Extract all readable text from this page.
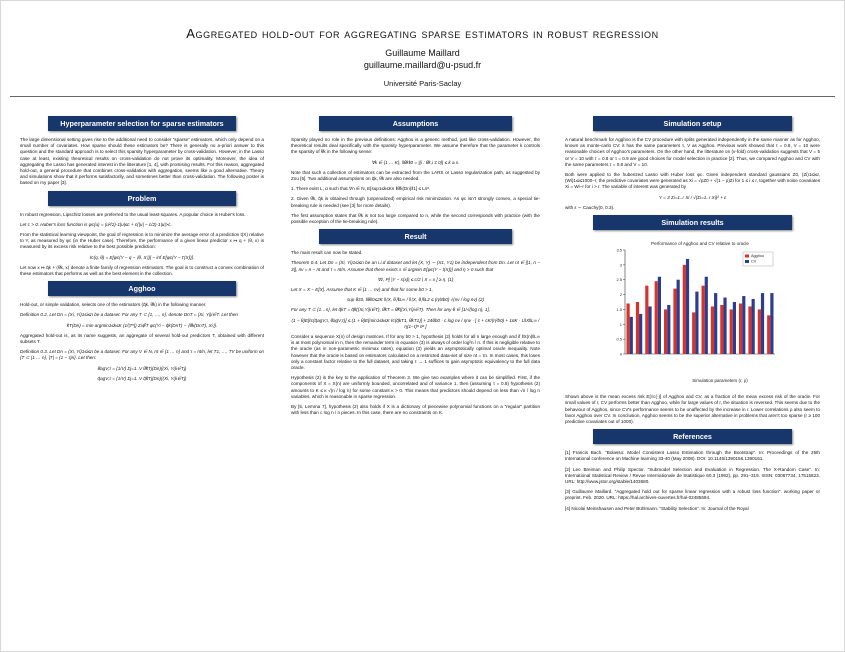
Aggregated hold-out for aggregating sparse estimators in robust regression
Guillaume Maillard
guillaume.maillard@u-psud.fr
Université Paris-Saclay
Hyperparameter selection for sparse estimators

The large dimensional setting gives rise to the additional need to consider “sparse” estimators, which only depend on a small number of covariates. How sparse should these estimators be? There is generally no a-priori answer to this question and the standard approach is to select this sparsity hyperparameter by cross-validation. However, in the Lasso case at least, existing theoretical results on cross-validation do not prove its optimality. Moreover, the idea of aggregating the Lasso has generated interest in the litterature [1, 4], with promising results. For this reason, aggregated hold-out, a general procedure that combines cross-validation with aggregation, seems like a good alternative. Theory and simulations show that it performs satisfactorily, and sometimes better than cross-validation. The following poster is based on my paper [3].

Problem

In robust regression, Lipschitz losses are preferred to the usual least-squares. A popular choice is Huber's loss.

Let c > 0. Huber's loss function is φc(u) = (u²/2)·1|u|≤c + c(|u| − c/2)·1|u|>c.

From the statistical learning viewpoint, the goal of regression is to minimize the average error of a prediction t(X) relative to Y, as measured by φc (in the Huber case). Therefore, the performance of a given linear predictor x ↦ q + ⟨θ, x⟩ is measured by its excess risk relative to the best possible prediction:

ℓc(q, θ) = E[φc(Y − q − ⟨θ, X⟩)] − inf E[φc(Y − t′(X))].

Let now x ↦ q̂k + ⟨θ̂k, x⟩ denote a finite family of regression estimators. The goal is to construct a convex combination of these estimators that performs as well as the best element in the collection.

Agghoo

Hold-out, or simple validation, selects one of the estimators (q̂k, θ̂k) in the following manner.

Definition 0.2. Let Dn = (Xi, Yi)1≤i≤n be a dataset. For any T ⊂ {1, …, n}, denote DnT = (Xi, Yi)i∈T. Let then

k̂T(Dn) = min argmin1≤k≤K (1/|Tᶜ|) Σi∉T φc(Yi − q̂k(DnT) − ⟨θ̂k(DnT), Xi⟩).

Aggregated hold-out is, as its name suggests, an aggregate of several hold-out predictors T, obtained with different subsets T.

Definition 0.3. Let Dn = (Xi, Yi)1≤i≤n be a dataset. For any V ∈ N, nt ∈ {1 … n} and τ = nt/n, let T1, …, TV be uniform on {T ⊂ {1 … n}, |T| = (1 − τ)n}. Let then:

θ̂agV,τ = (1/V) Σj=1..V θ̂k̂Tj(Dn)((Xi, Yi)i∈Tj)
q̂agV,τ = (1/V) Σj=1..V q̂k̂Tj(Dn)((Xi, Yi)i∈Tj)
Assumptions

Sparsity played no role in the previous definitions: Agghoo is a generic method, just like cross-validation. However, the theoretical results deal specifically with the sparsity hyperparameter. We assume therefore that the parameter k controls the sparsity of θ̂k in the following sense:

∀k ∈ {1 … K}, ‖θ̂k‖0 = |{i : θ̂k,i ≠ 0}| ≤ k a.s.

Note that such a collection of estimators can be extracted from the LARS or Lasso regularization path, as suggested by Zou [5]. Two additional assumptions on q̂k, θ̂k are also needed.

1. There exist L, α such that ∀n ∈ N, E[sup1≤k≤Kn ‖θ̂k(Dn)‖1] ≤ Lnᵅ.

2. Given θ̂k, q̂k is obtained through (unpenalized) empirical risk minimization. As φc isn't strongly convex, a special tie-breaking rule is needed (see [3] for more details).

The first assumption states that θ̂k is not too large compared to n, while the second corresponds with practice (with the possible exception of the tie-breaking rule).

Result

The main result can now be stated.

Theorem 0.4. Let Dn = (Xi, Yi)1≤i≤n be an i.i.d dataset and let (X, Y) ∼ (X1, Y1) be independent from Dn. Let nt ∈ [|1, n − 3|], nv = n − nt and τ = nt/n. Assume that there exists s ∈ argmin E[φc(Y − t(X))] and η > 0 such that

∀z, P[ |Y − s(x)| ≤ c/2 | X = x ] ≥ η. (1)

Let X = X − E[X]. Assume that K ∈ {1 … nv} and that for some b0 > 1,

sup θ≠0, ‖θ‖0≤2K ‖⟨X, θ⟩‖L∞ / ‖⟨X, θ⟩‖L2 ≤ (η/8b0) √(nv / log nv) (2)

For any T ⊂ {1…n}, let q̂kT = q̂k̂((Xi,Yi)i∈T), θ̂kT = θ̂k̂((Xi,Yi)i∈T). Then for any θ ∈ [1/√(log n), 1],

(1 − θ)E[ℓc(q̂agV,τ, θ̂agV,τ)] ≤ (1 + θ)E[min1≤k≤K ℓc(q̂kT1, θ̂kT1)] + 24θb0 · c log nv / ηnv · [ c + cK/(η²b0) + 16K · L‖X‖L∞ / η(1−τ)ᵅ nᵅ ]

Consider a sequence X(n) of design matrices. If for any b0 > 1, hypothesis (2) holds for all n large enough and if ‖X(n)‖L∞ is at most polynomial in n, then the remainder term in equation (3) is always of order log²n / n. If this is negligible relative to the oracle (as in non-parametric minimax rates), equation (3) yields an asymptotically optimal oracle inequality. Note however that the oracle is based on estimators calculated on a restricted data-set of size nt = τn. In most cases, this loses only a constant factor relative to the full dataset, and taking τ → 1 suffices to gain asymptotic equivalency to the full data oracle.

Hypothesis (2) is the key to the application of Theorem 3. We give two examples where it can be simplified. First, if the components of X = X(n) are uniformly bounded, uncorrelated and of variance 1, then (assuming τ = 0.8) hypothesis (2) amounts to K ≤ κ √(n / log n) for some constant κ > 0. This means that predictors should depend on less than √n / log n variables, which is reasonable in sparse regression.

By [5, Lemma 7], hypothesis (2) also holds if X is a dictionary of piecewise polynomial functions on a “regular” partition with less than c log n / n pieces. In this case, there are no constraints on K.

Simulation setup

A natural benchmark for Agghoo is the CV procedure with splits generated independently in the same manner as for Agghoo, known as monte-carlo CV: it has the same parameters τ, V as Agghoo. Previous work showed that τ = 0.8, V = 10 were reasonable choices of Agghoo's parameters. On the other hand, the litterature on (v-fold) cross-validation suggests that V = 5 or V = 10 with τ = 0.8 or τ = 0.9 are good choices for model selection in practice [2]. Thus, we compared Agghoo and CV with the same parameters τ = 0.8 and V = 10.

Both were applied to the huberized Lasso with Huber loss φc. Given independent standard gaussians Z0, (Zi)1≤i≤r, (Wi)1≤i≤1000−r, the predictive covariates were generated as Xi = √ρZ0 + √(1 − ρ)Zi for 1 ≤ i ≤ r, together with noise covariates Xi = Wi−r for i > r. The variable of interest was generated by

Y = 3 Σi=1..r Xi / √(Σi=1..r Xi)² + ε

with ε ∼ Cauchy(0, 0.3).

Simulation results
Performance of Agghoo and CV relative to oracle
0
0.5
1
1.5
2
2.5
3
3.5
Simulation parameters (r, ρ)
Agghoo
CV

Shown above is the mean excess risk E[ℓc(·)] of Agghoo and CV, as a fraction of the mean excess risk of the oracle. For small values of r, CV performs better than Agghoo, while for large values of r, the situation is reversed. This seems due to the behaviour of Agghoo, since CV's performance seems to be unaffected by the increase in r. Lower correlations ρ also seem to favor Agghoo over CV. In conclusion, Agghoo seems to be the superior alternative in problems that aren't too sparse (r ≥ 100 predictive covariates out of 1000).

References

[1] Francis Bach. “Bolasso: Model Consistent Lasso Estimation through the Bootstrap”. In: Proceedings of the 25th International conference on Machine learning 33-40 (May 2008). DOI: 10.1145/1390156.1390161.

[2] Leo Breiman and Philip Spector. “Submodel Selection and Evaluation in Regression. The X-Random Case”. In: International Statistical Review / Revue Internationale de Statistique 60.3 (1992), pp. 291–319. ISSN: 03067734, 17515823. URL: http://www.jstor.org/stable/1403680.

[3] Guillaume Maillard. “Aggregated hold out for sparse linear regression with a robust loss function”. working paper or preprint. Feb. 2020. URL: https://hal.archives-ouvertes.fr/hal-02485694.

[4] Nicolai Meinshausen and Peter Bühlmann. “Stability Selection”. In: Journal of the Royal
